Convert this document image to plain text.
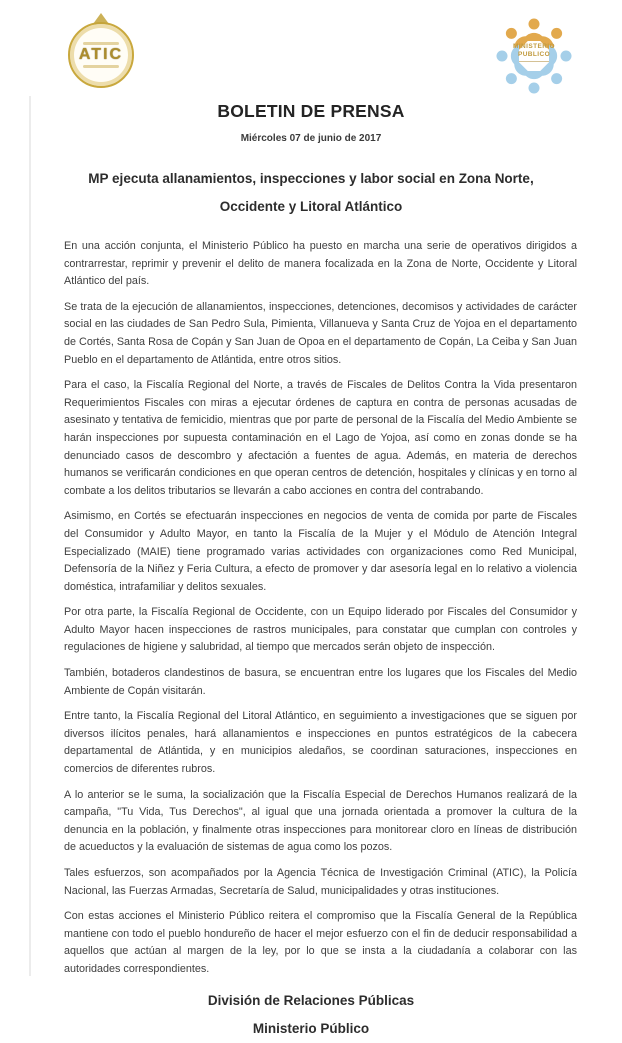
ATIC	MINISTERIO
PUBLICO
BOLETIN DE PRENSA
Miércoles 07 de junio de 2017
MP ejecuta allanamientos, inspecciones y labor social en Zona Norte, Occidente y Litoral Atlántico

En una acción conjunta, el Ministerio Público ha puesto en marcha una serie de operativos dirigidos a contrarrestar, reprimir y prevenir el delito de manera focalizada en la Zona de Norte, Occidente y Litoral Atlántico del país.

Se trata de la ejecución de allanamientos, inspecciones, detenciones, decomisos y actividades de carácter social en las ciudades de San Pedro Sula, Pimienta, Villanueva y Santa Cruz de Yojoa en el departamento de Cortés, Santa Rosa de Copán y San Juan de Opoa en el departamento de Copán, La Ceiba y San Juan Pueblo en el departamento de Atlántida, entre otros sitios.

Para el caso, la Fiscalía Regional del Norte, a través de Fiscales de Delitos Contra la Vida presentaron Requerimientos Fiscales con miras a ejecutar órdenes de captura en contra de personas acusadas de asesinato y tentativa de femicidio, mientras que por parte de personal de la Fiscalía del Medio Ambiente se harán inspecciones por supuesta contaminación en el Lago de Yojoa, así como en zonas donde se ha denunciado casos de descombro y afectación a fuentes de agua. Además, en materia de derechos humanos se verificarán condiciones en que operan centros de detención, hospitales y clínicas y en torno al combate a los delitos tributarios se llevarán a cabo acciones en contra del contrabando.

Asimismo, en Cortés se efectuarán inspecciones en negocios de venta de comida por parte de Fiscales del Consumidor y Adulto Mayor, en tanto la Fiscalía de la Mujer y el Módulo de Atención Integral Especializado (MAIE) tiene programado varias actividades con organizaciones como Red Municipal, Defensoría de la Niñez y Feria Cultura, a efecto de promover y dar asesoría legal en lo relativo a violencia doméstica, intrafamiliar y delitos sexuales.

Por otra parte, la Fiscalía Regional de Occidente, con un Equipo liderado por Fiscales del Consumidor y Adulto Mayor hacen inspecciones de rastros municipales, para constatar que cumplan con controles y regulaciones de higiene y salubridad, al tiempo que mercados serán objeto de inspección.

También, botaderos clandestinos de basura, se encuentran entre los lugares que los Fiscales del Medio Ambiente de Copán visitarán.

Entre tanto, la Fiscalía Regional del Litoral Atlántico, en seguimiento a investigaciones que se siguen por diversos ilícitos penales, hará allanamientos e inspecciones en puntos estratégicos de la cabecera departamental de Atlántida, y en municipios aledaños, se coordinan saturaciones, inspecciones en comercios de diferentes rubros.

A lo anterior se le suma, la socialización que la Fiscalía Especial de Derechos Humanos realizará de la campaña, "Tu Vida, Tus Derechos", al igual que una jornada orientada a promover la cultura de la denuncia en la población, y finalmente otras inspecciones para monitorear cloro en líneas de distribución de acueductos y la evaluación de sistemas de agua como los pozos.

Tales esfuerzos, son acompañados por la Agencia Técnica de Investigación Criminal (ATIC), la Policía Nacional, las Fuerzas Armadas, Secretaría de Salud, municipalidades y otras instituciones.

Con estas acciones el Ministerio Público reitera el compromiso que la Fiscalía General de la República mantiene con todo el pueblo hondureño de hacer el mejor esfuerzo con el fin de deducir responsabilidad a aquellos que actúan al margen de la ley, por lo que se insta a la ciudadanía a colaborar con las autoridades correspondientes.

División de Relaciones Públicas
Ministerio Público
